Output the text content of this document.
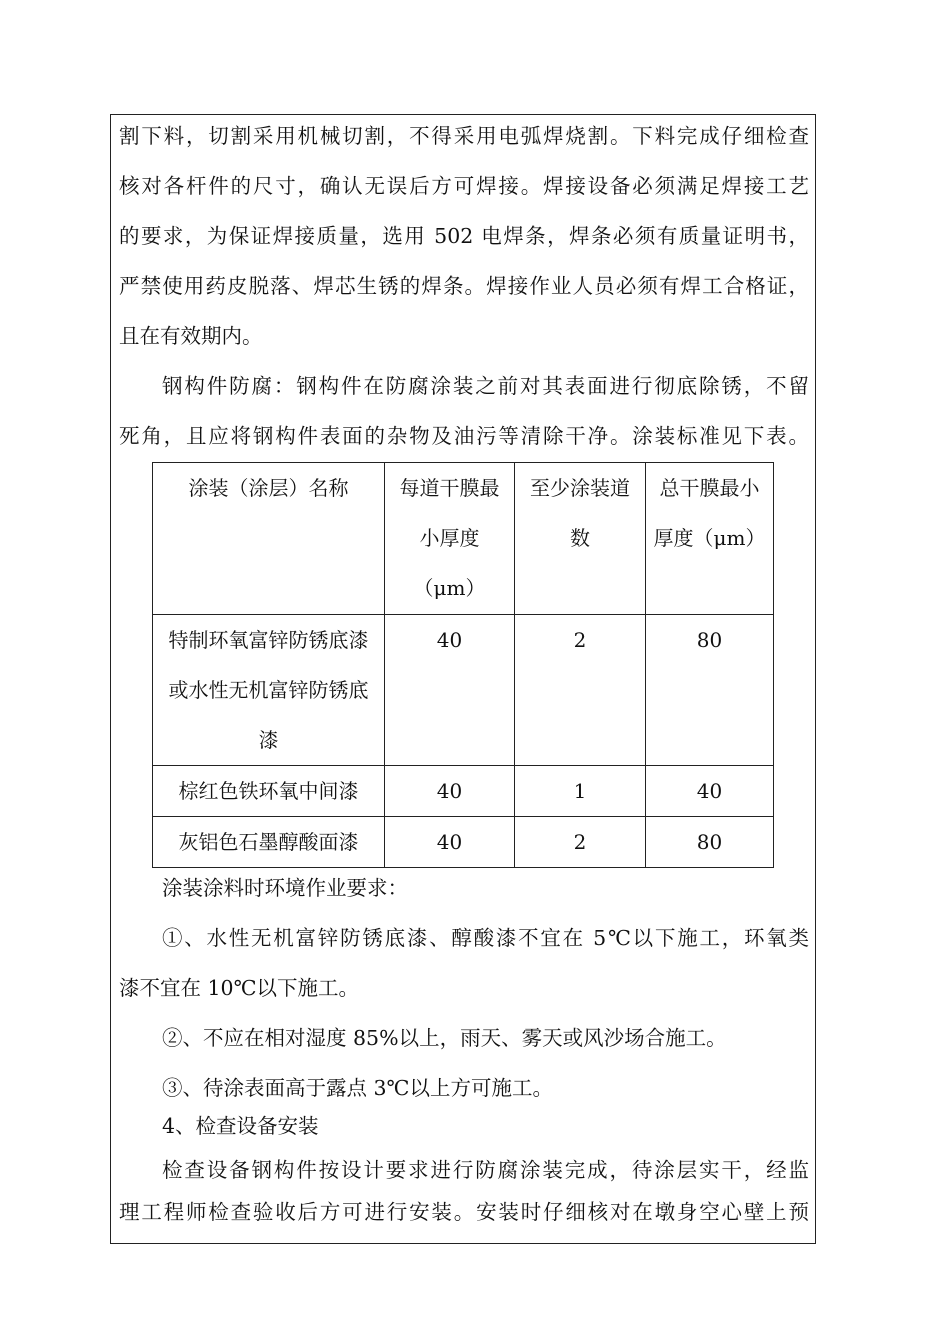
割下料，切割采用机械切割，不得采用电弧焊烧割。下料完成仔细检查
核对各杆件的尺寸，确认无误后方可焊接。焊接设备必须满足焊接工艺
的要求，为保证焊接质量，选用 502 电焊条，焊条必须有质量证明书，
严禁使用药皮脱落、焊芯生锈的焊条。焊接作业人员必须有焊工合格证，
且在有效期内。
钢构件防腐：钢构件在防腐涂装之前对其表面进行彻底除锈，不留
死角，且应将钢构件表面的杂物及油污等清除干净。涂装标准见下表。
涂装（涂层）名称	每道干膜最小厚度（μm）	至少涂装道数	总干膜最小厚度（μm）

特制环氧富锌防锈底漆或水性无机富锌防锈底漆	40	2	80

棕红色铁环氧中间漆	40	1	40

灰铝色石墨醇酸面漆	40	2	80
涂装涂料时环境作业要求：
①、水性无机富锌防锈底漆、醇酸漆不宜在 5℃以下施工，环氧类
漆不宜在 10℃以下施工。
②、不应在相对湿度 85%以上，雨天、雾天或风沙场合施工。
③、待涂表面高于露点 3℃以上方可施工。
4、检查设备安装
检查设备钢构件按设计要求进行防腐涂装完成，待涂层实干，经监
理工程师检查验收后方可进行安装。安装时仔细核对在墩身空心壁上预
